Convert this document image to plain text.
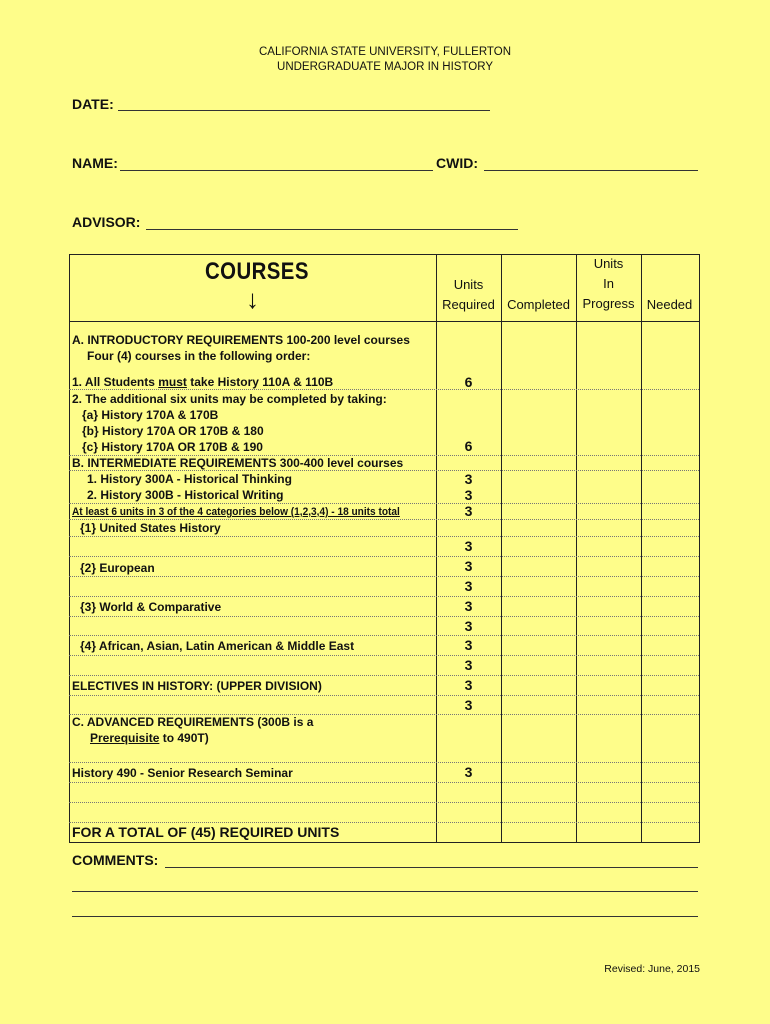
CALIFORNIA STATE UNIVERSITY, FULLERTON
UNDERGRADUATE MAJOR IN HISTORY
DATE:
NAME:	CWID:
ADVISOR:
COURSES
↓	Units
Required Completed
Units
In
Progress Needed
A. INTRODUCTORY REQUIREMENTS 100-200 level courses
Four (4) courses in the following order:
1. All Students must take History 110A & 110B
2. The additional six units may be completed by taking:
{a} History 170A & 170B
{b} History 170A OR 170B & 180
{c} History 170A OR 170B & 190
B. INTERMEDIATE REQUIREMENTS 300-400 level courses
1. History 300A - Historical Thinking
2. History 300B - Historical Writing
At least 6 units in 3 of the 4 categories below (1,2,3,4) - 18 units total
{1} United States History
{2} European
{3} World & Comparative
{4} African, Asian, Latin American & Middle East
ELECTIVES IN HISTORY: (UPPER DIVISION)
C. ADVANCED REQUIREMENTS (300B is a
Prerequisite to 490T)
History 490 - Senior Research Seminar
FOR A TOTAL OF (45) REQUIRED UNITS
6
6
3
3
3
3
3
3
3
3
3
3
3
3
3
COMMENTS:
Revised: June, 2015
